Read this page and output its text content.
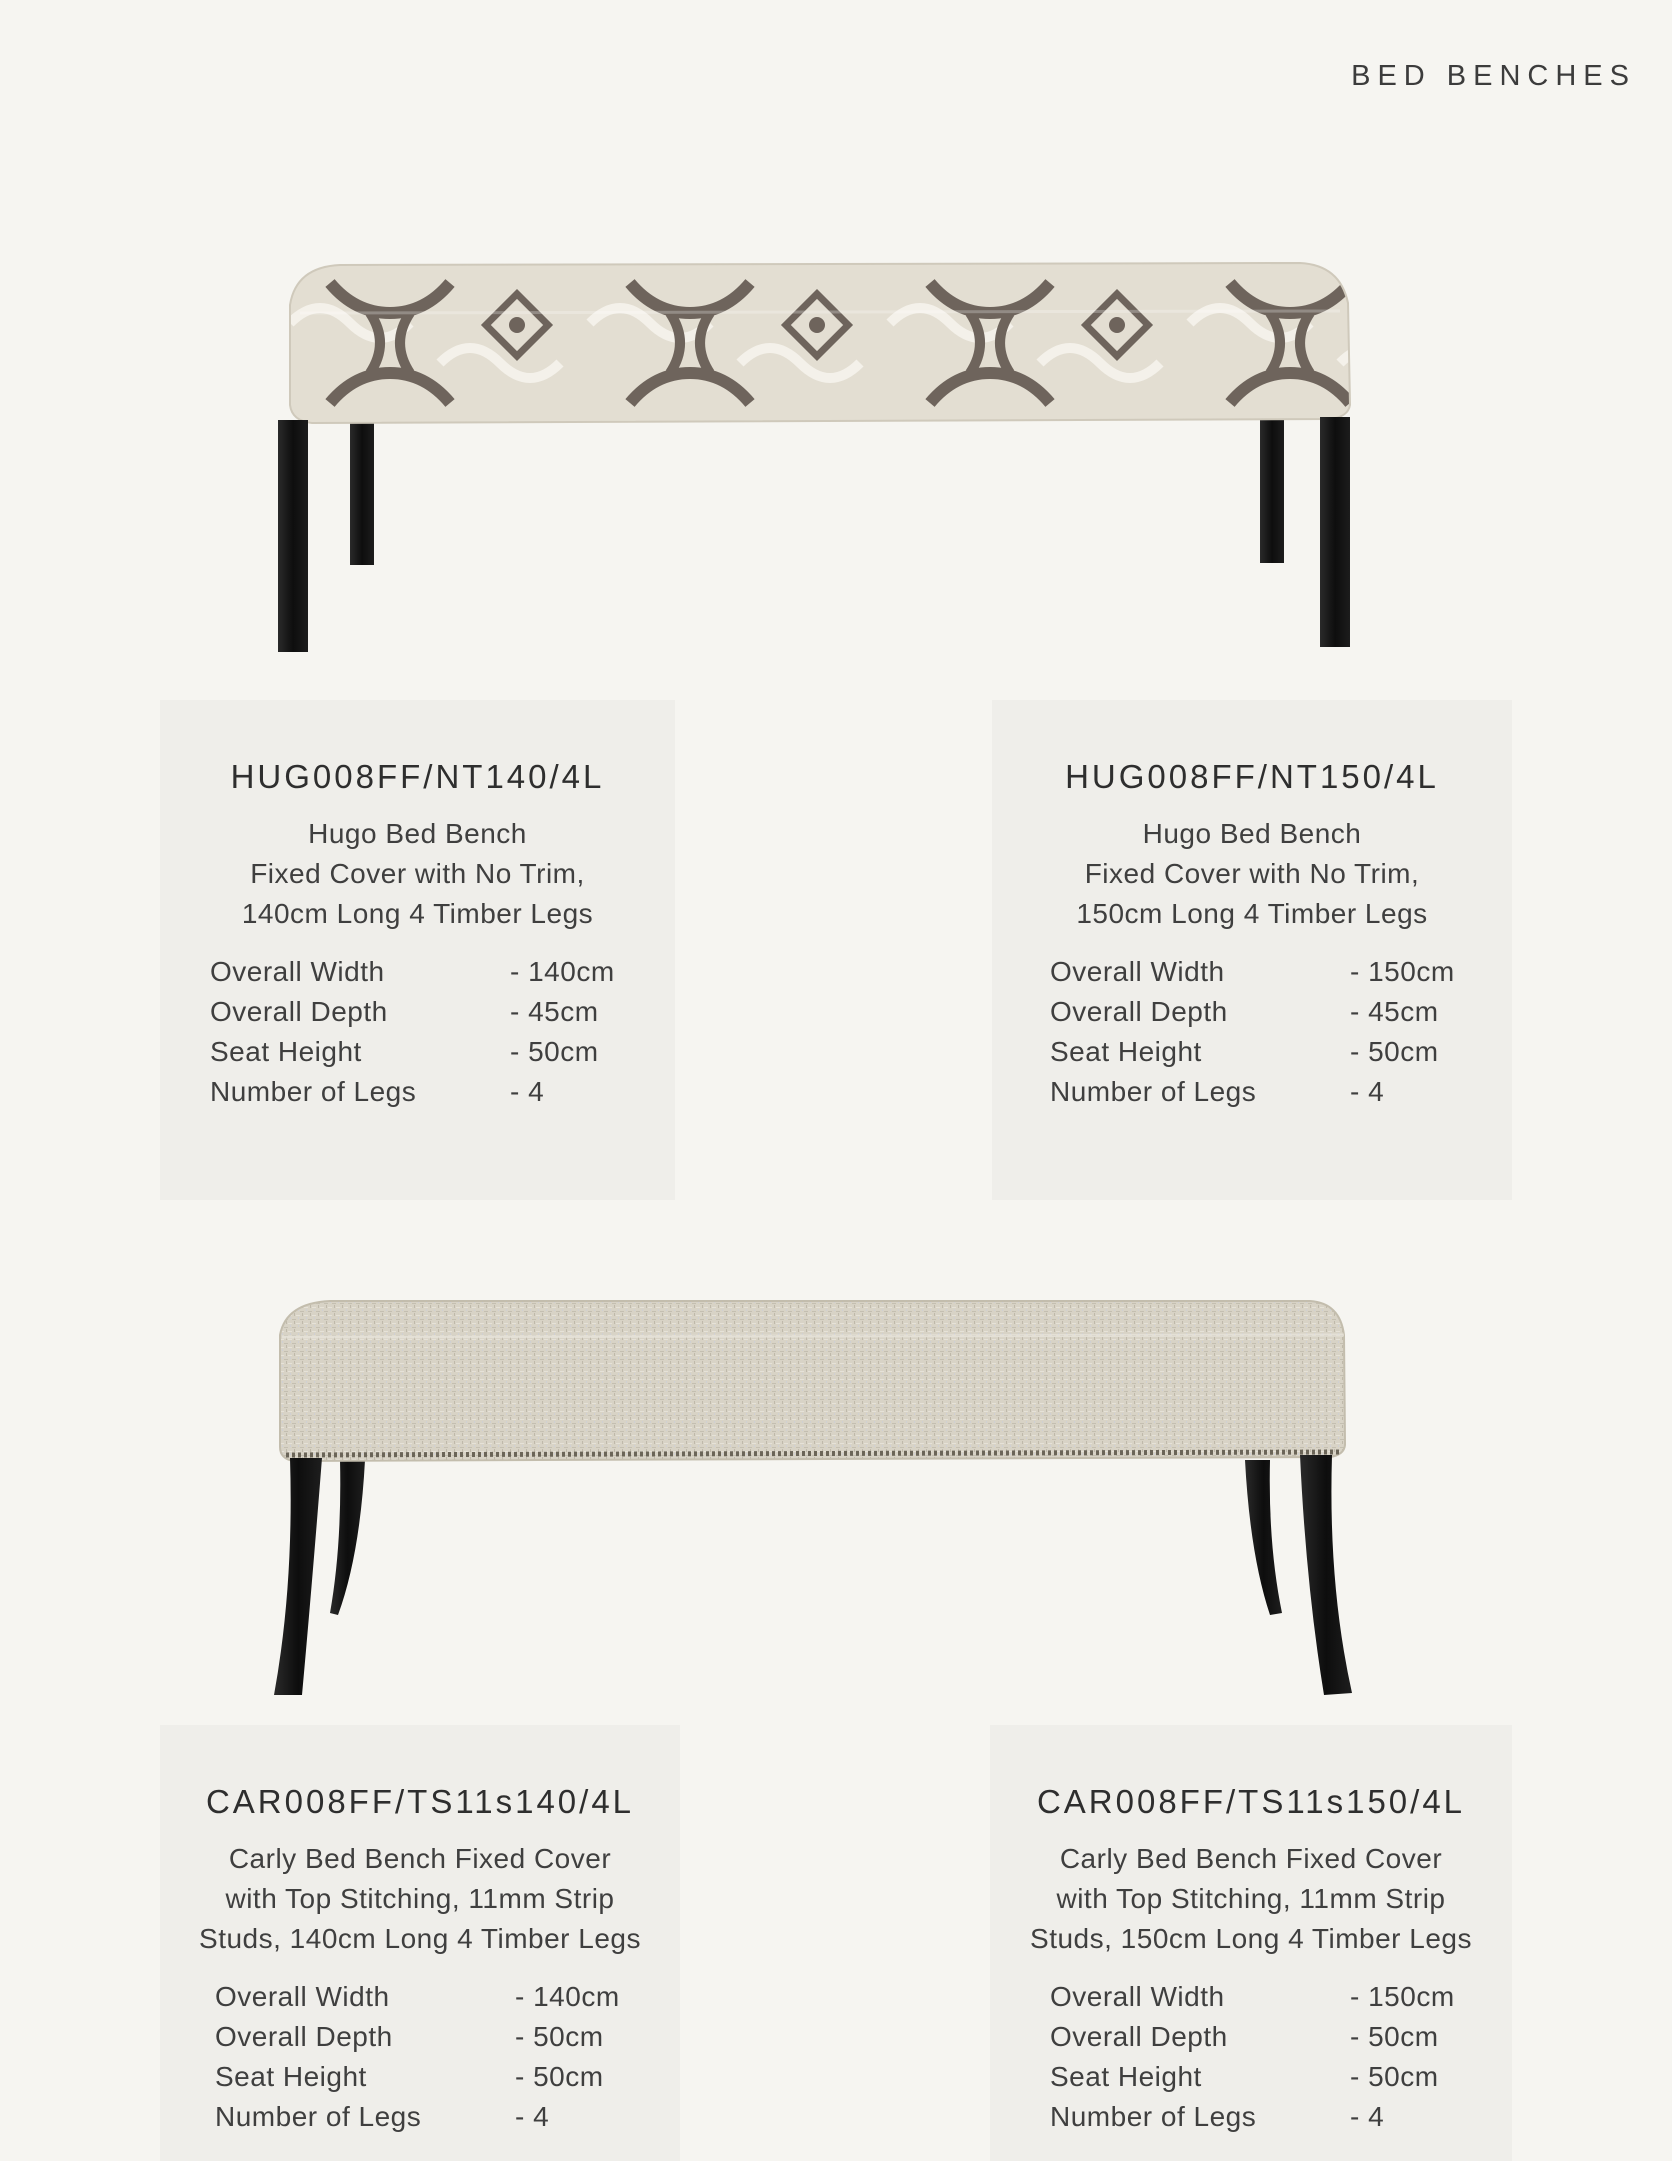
BED BENCHES
HUG008FF/NT140/4L
Hugo Bed Bench
Fixed Cover with No Trim,
140cm Long 4 Timber Legs
Overall Width	- 140cm
Overall Depth	- 45cm
Seat Height	- 50cm
Number of Legs	- 4
HUG008FF/NT150/4L
Hugo Bed Bench
Fixed Cover with No Trim,
150cm Long 4 Timber Legs
Overall Width	- 150cm
Overall Depth	- 45cm
Seat Height	- 50cm
Number of Legs	- 4
CAR008FF/TS11s140/4L
Carly Bed Bench Fixed Cover
with Top Stitching, 11mm Strip
Studs, 140cm Long 4 Timber Legs
Overall Width	- 140cm
Overall Depth	- 50cm
Seat Height	- 50cm
Number of Legs	- 4
CAR008FF/TS11s150/4L
Carly Bed Bench Fixed Cover
with Top Stitching, 11mm Strip
Studs, 150cm Long 4 Timber Legs
Overall Width	- 150cm
Overall Depth	- 50cm
Seat Height	- 50cm
Number of Legs	- 4
